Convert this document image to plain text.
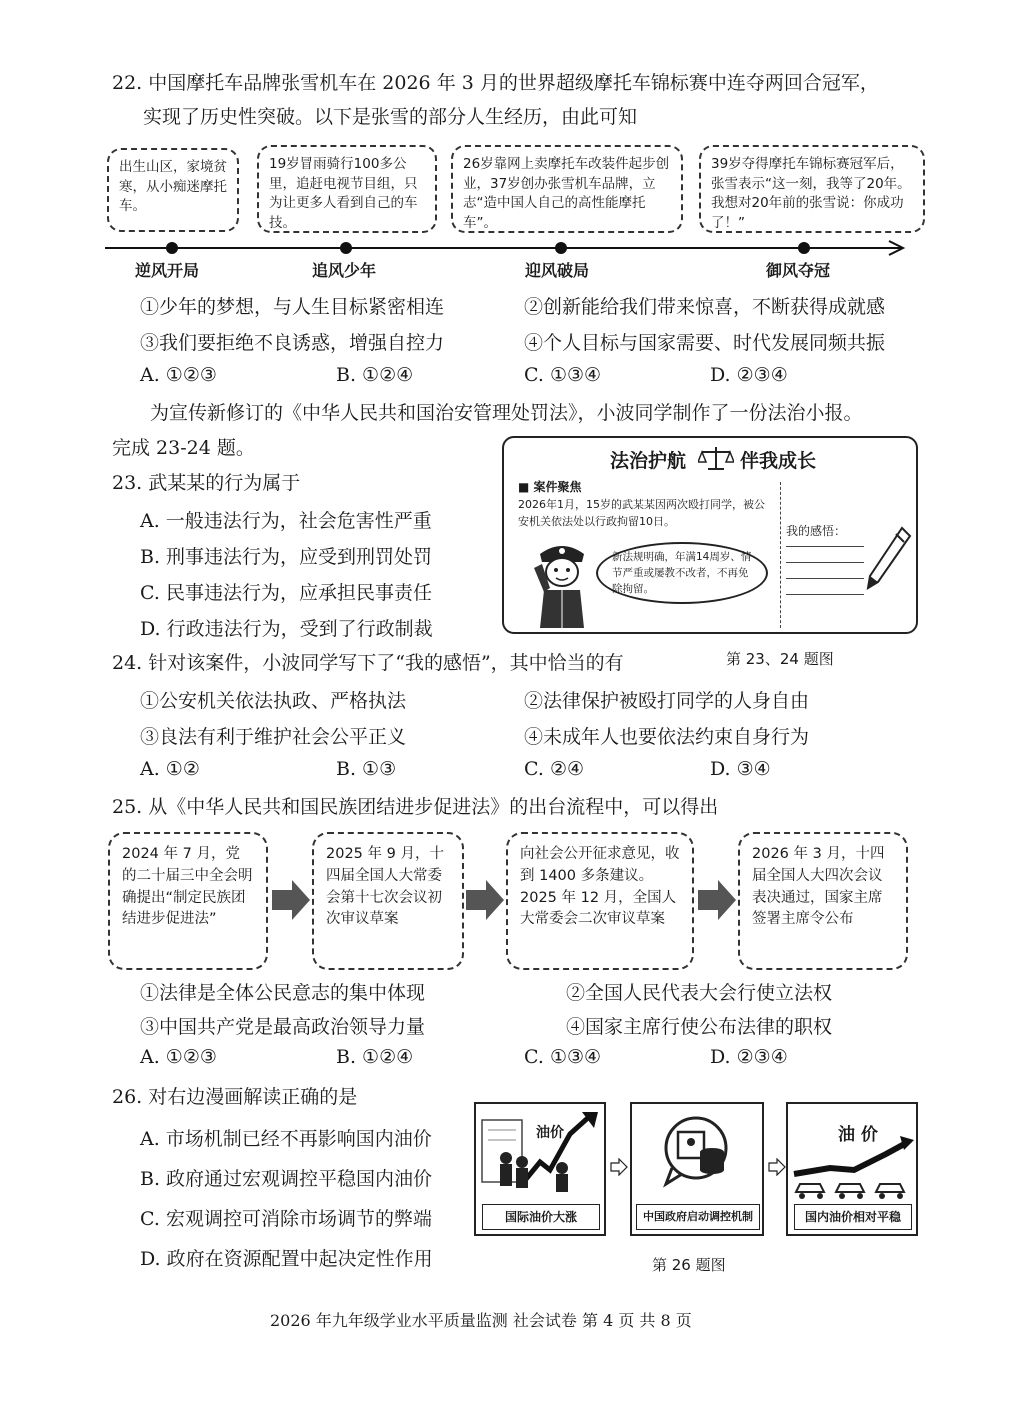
22. 中国摩托车品牌张雪机车在 2026 年 3 月的世界超级摩托车锦标赛中连夺两回合冠军，
实现了历史性突破。以下是张雪的部分人生经历，由此可知
出生山区，家境贫寒，从小痴迷摩托车。
19岁冒雨骑行100多公里，追赶电视节目组，只为让更多人看到自己的车技。
26岁靠网上卖摩托车改装件起步创业，37岁创办张雪机车品牌，立志“造中国人自己的高性能摩托车”。
39岁夺得摩托车锦标赛冠军后，张雪表示“这一刻，我等了20年。我想对20年前的张雪说：你成功了！”
逆风开局	追风少年	迎风破局	御风夺冠
①少年的梦想，与人生目标紧密相连	②创新能给我们带来惊喜，不断获得成就感
③我们要拒绝不良诱惑，增强自控力	④个人目标与国家需要、时代发展同频共振
A. ①②③	B. ①②④	C. ①③④	D. ②③④
为宣传新修订的《中华人民共和国治安管理处罚法》，小波同学制作了一份法治小报。
完成 23-24 题。
23. 武某某的行为属于
A. 一般违法行为，社会危害性严重
B. 刑事违法行为，应受到刑罚处罚
C. 民事违法行为，应承担民事责任
D. 行政违法行为，受到了行政制裁
法治护航	伴我成长
■ 案件聚焦
2026年1月，15岁的武某某因两次殴打同学，被公安机关依法处以行政拘留10日。
新法规明确，年满14周岁、情节严重或屡教不改者，不再免除拘留。
我的感悟：
第 23、24 题图
24. 针对该案件，小波同学写下了“我的感悟”，其中恰当的有
①公安机关依法执政、严格执法	②法律保护被殴打同学的人身自由
③良法有利于维护社会公平正义	④未成年人也要依法约束自身行为
A. ①②	B. ①③	C. ②④	D. ③④
25. 从《中华人民共和国民族团结进步促进法》的出台流程中，可以得出
2024 年 7 月，党的二十届三中全会明确提出“制定民族团结进步促进法”
2025 年 9 月，十四届全国人大常委会第十七次会议初次审议草案
向社会公开征求意见，收到 1400 多条建议。2025 年 12 月，全国人大常委会二次审议草案
2026 年 3 月，十四届全国人大四次会议表决通过，国家主席签署主席令公布
①法律是全体公民意志的集中体现	②全国人民代表大会行使立法权
③中国共产党是最高政治领导力量	④国家主席行使公布法律的职权
A. ①②③	B. ①②④	C. ①③④	D. ②③④
26. 对右边漫画解读正确的是
A. 市场机制已经不再影响国内油价
B. 政府通过宏观调控平稳国内油价
C. 宏观调控可消除市场调节的弊端
D. 政府在资源配置中起决定性作用
油价
国际油价大涨	中国政府启动调控机制
油 价
国内油价相对平稳
第 26 题图
2026 年九年级学业水平质量监测 社会试卷 第 4 页 共 8 页
